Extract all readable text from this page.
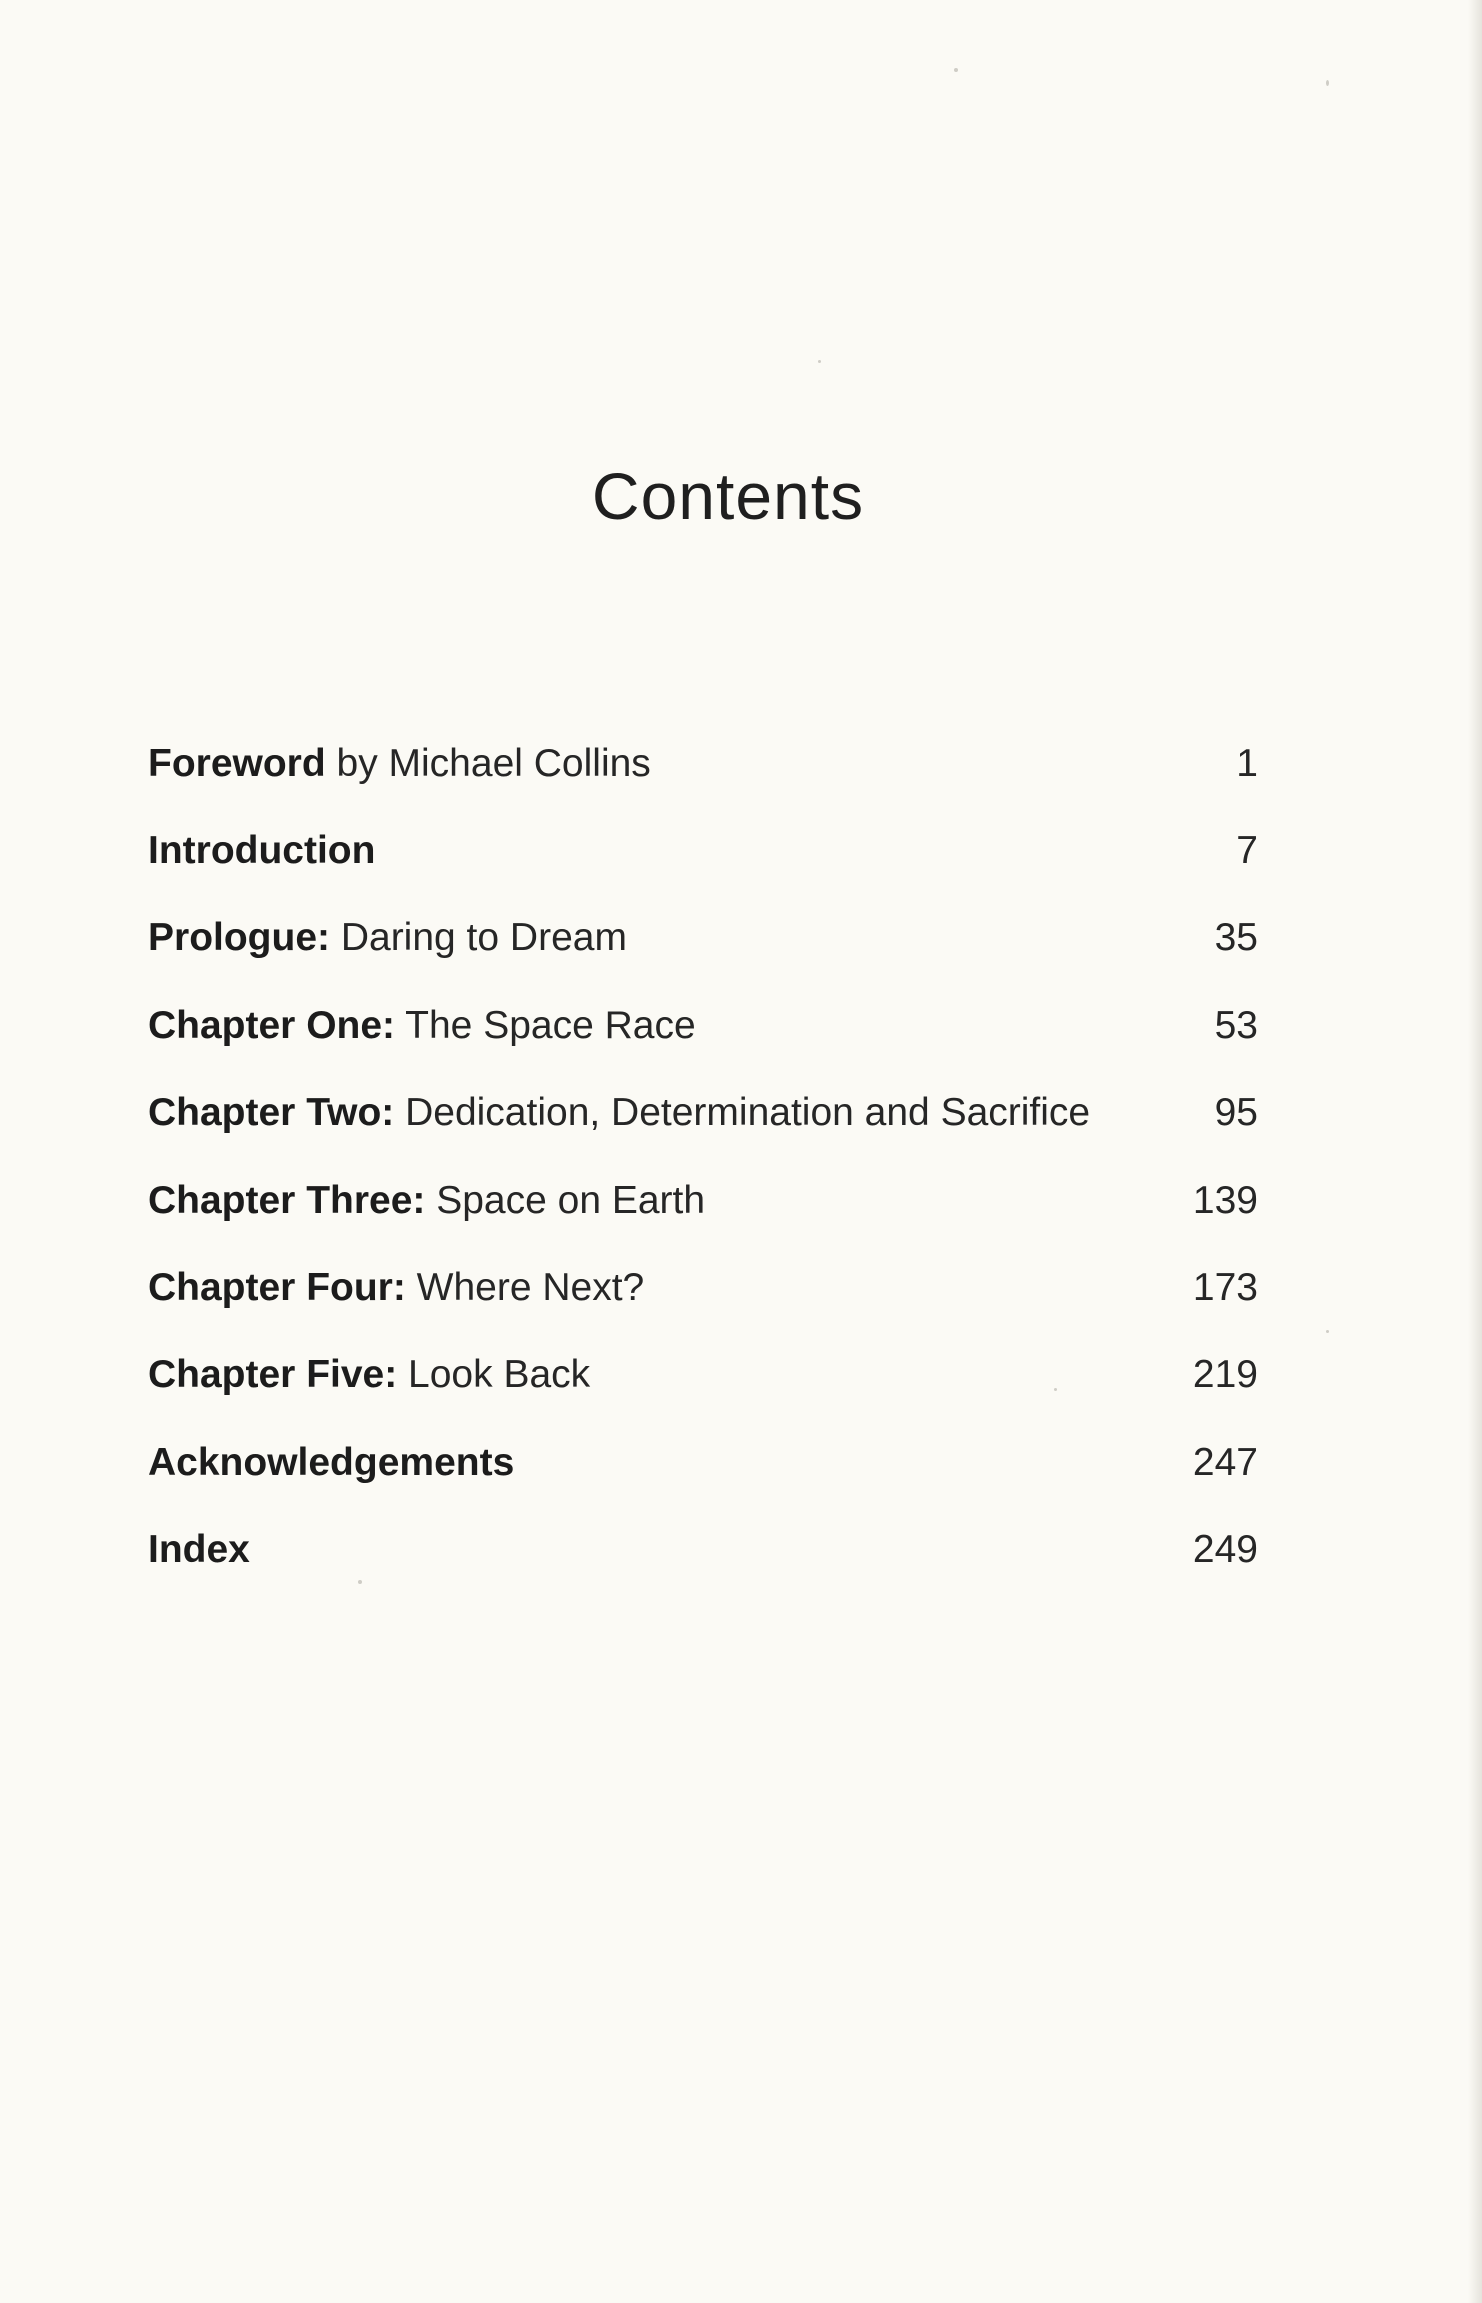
Contents
Foreword by Michael Collins	1
Introduction	7
Prologue: Daring to Dream	35
Chapter One: The Space Race	53
Chapter Two: Dedication, Determination and Sacrifice	95
Chapter Three: Space on Earth	139
Chapter Four: Where Next?	173
Chapter Five: Look Back	219
Acknowledgements	247
Index	249
